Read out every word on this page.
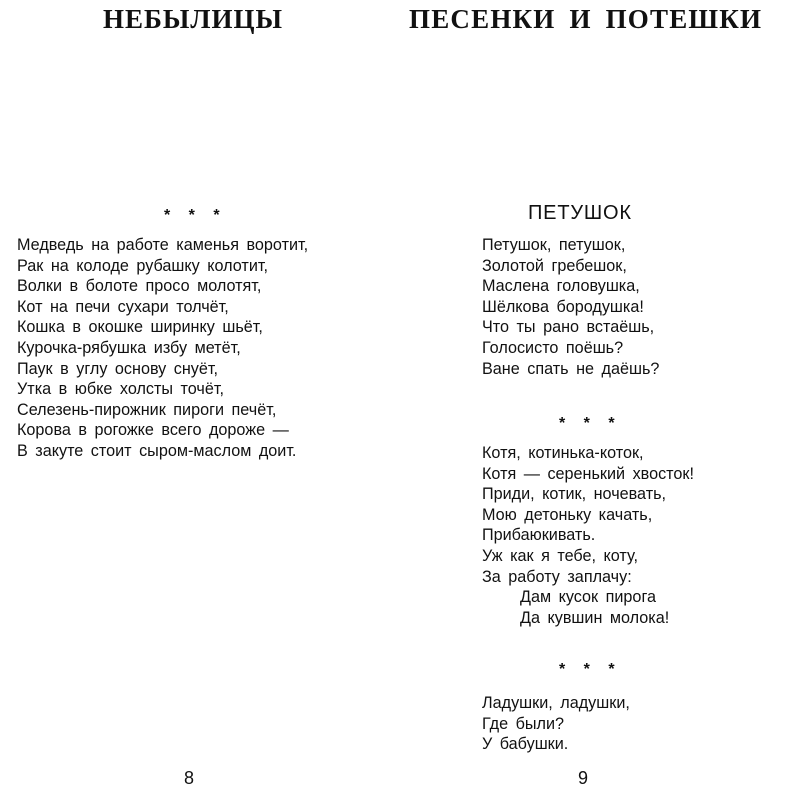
НЕБЫЛИЦЫ
* * *
Медведь на работе каменья воротит,
Рак на колоде рубашку колотит,
Волки в болоте просо молотят,
Кот на печи сухари толчёт,
Кошка в окошке ширинку шьёт,
Курочка-рябушка избу метёт,
Паук в углу основу снуёт,
Утка в юбке холсты точёт,
Селезень-пирожник пироги печёт,
Корова в рогожке всего дороже —
В закуте стоит сыром-маслом доит.
8
ПЕСЕНКИ И ПОТЕШКИ
ПЕТУШОК
Петушок, петушок,
Золотой гребешок,
Маслена головушка,
Шёлкова бородушка!
Что ты рано встаёшь,
Голосисто поёшь?
Ване спать не даёшь?
* * *
Котя, котинька-коток,
Котя — серенький хвосток!
Приди, котик, ночевать,
Мою детоньку качать,
Прибаюкивать.
Уж как я тебе, коту,
За работу заплачу:
Дам кусок пирога
Да кувшин молока!
* * *
Ладушки, ладушки,
Где были?
У бабушки.
9
